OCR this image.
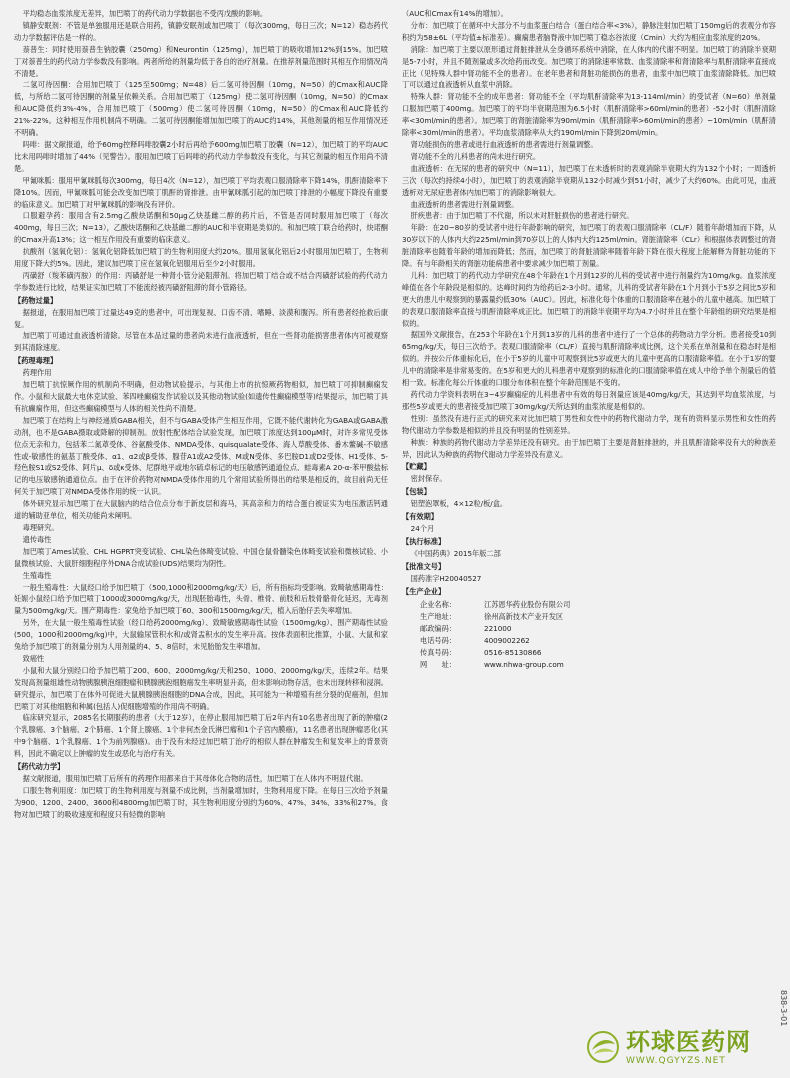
平均稳态血浆浓度无差异，加巴喷丁的药代动力学数据也不受丙戊酸的影响。

镇静安眠剂：不管是单独服用还是联合用药，镇静安眠剂或加巴喷丁（每次300mg，每日三次；N=12）稳态药代动力学数据评估是一样的。

萘普生：同时使用萘普生钠胶囊（250mg）和Neurontin（125mg），加巴喷丁的吸收增加12%到15%。加巴喷丁对萘普生的药代动力学参数没有影响。两者所给的剂量均低于各自的治疗剂量。在推荐剂量范围时其相互作用情况尚不清楚。

二氢可待因酮：合用加巴喷丁（125至500mg；N=48）后二氢可待因酮（10mg，N=50）的Cmax和AUC降低，与所给二氢可待因酮的剂量呈依赖关系。合用加巴喷丁（125mg）使二氢可待因酮（10mg，N=50）的Cmax和AUC降低约3%-4%，合用加巴喷丁（500mg）使二氢可待因酮（10mg，N=50）的Cmax和AUC降低约21%-22%。这种相互作用机制尚不明确。二氢可待因酮能增加加巴喷丁的AUC约14%，其他剂量的相互作用情况还不明确。

吗啡：据文献报道，给予60mg控释吗啡胶囊2小时后再给予600mg加巴喷丁胶囊（N=12），加巴喷丁的平均AUC比未用吗啡时增加了44%（见警告）。服用加巴喷丁后吗啡的药代动力学参数没有变化，与其它剂量的相互作用尚不清楚。

甲氰咪胍：服用甲氰咪胍每次300mg，每日4次（N=12），加巴喷丁平均表观口服清除率下降14%，肌酐清除率下降10%。因而，甲氰咪胍可能会改变加巴喷丁肌酐的肾排泄。由甲氰咪胍引起的加巴喷丁排泄的小幅度下降没有重要的临床意义。加巴喷丁对甲氰咪胍的影响没有评价。

口服避孕药：服用含有2.5mg乙酸炔诺酮和50μg乙炔基雌二醇的药片后，不管是否同时服用加巴喷丁（每次400mg，每日三次；N=13），乙酸炔诺酮和乙炔基雌二醇的AUC和半衰期是类似的。和加巴喷丁联合给药时，炔诺酮的Cmax升高13%；这一相互作用没有重要的临床意义。

抗酸剂（氢氧化铝）：氢氧化铝降低加巴喷丁的生物利用度大约20%。服用氢氧化铝后2小时服用加巴喷丁，生物利用度下降大约5%。因此，建议加巴喷丁应在氢氧化铝服用后至少2小时服用。

丙磺舒（羧苯磺丙胺）的作用：丙磺舒是一种肾小管分泌阻滞剂。将加巴喷丁结合或不结合丙磺舒试验的药代动力学参数进行比较，结果证实加巴喷丁不能流经被丙磺舒阻滞的肾小管路径。

【药物过量】

据报道，在服用加巴喷丁过量达49克的患者中，可出现复视、口齿不清、嗜睡、淡漠和腹泻。所有患者经抢救后康复。

加巴喷丁可通过血液透析清除。尽管在本品过量的患者尚未进行血液透析，但在一些肾功能损害患者体内可被观察到其清除速度。

【药理毒理】

药理作用

加巴喷丁抗惊厥作用的机制尚不明确，但动物试验提示，与其他上市的抗惊厥药物相似，加巴喷丁可抑制癫痫发作。小鼠和大鼠最大电休克试验、苯四唑癫痫发作试验以及其他动物试验(如遗传性癫痫模型等)结果提示，加巴喷丁具有抗癫痫作用，但这些癫痫模型与人体的相关性尚不清楚。

加巴喷丁在结构上与神经递质GABA相关，但不与GABA受体产生相互作用，它既不能代谢转化为GABA或GABA激动剂，也不是GABA摄取或降解的抑制剂。放射性配体结合试验发现，加巴喷丁浓度达到100μM时，对许多常见受体位点无亲和力，包括苯二氮䓬受体、谷氨酸受体、NMDA受体、quisqualate受体、海人草酸受体、番木鳖碱-不敏感性或-敏感性的氨基丁酸受体、α1、α2或β受体、腺苷A1或A2受体、M或N受体、多巴胺D1或D2受体、H1受体、5-羟色胺S1或S2受体、阿片μ、δ或κ受体、尼群地平或地尔硫卓标记的电压敏感钙通道位点、蛙毒素A 20-α-苯甲酸盐标记的电压敏感钠通道位点。由于在评价药物对NMDA受体作用的几个常用试验所得出的结果是相反的，故目前尚无任何关于加巴喷丁对NMDA受体作用的统一认识。

体外研究显示加巴喷丁在大鼠脑内的结合位点分布于新皮层和海马，其高亲和力的结合蛋白被证实为电压激活钙通道的辅助亚单位，相关功能尚未阐明。

毒理研究。

遗传毒性

加巴喷丁Ames试验、CHL HGPRT突变试验、CHL染色体畸变试验、中国仓鼠骨髓染色体畸变试验和微核试验、小鼠微核试验、大鼠肝细胞程序外DNA合成试验(UDS)结果均为阴性。

生殖毒性

一般生殖毒性：大鼠经口给予加巴喷丁（500,1000和2000mg/kg/天）后，所有指标均受影响。致畸敏感期毒性：妊娠小鼠经口给予加巴喷丁1000或3000mg/kg/天，出现胚胎毒性，头骨、椎骨、前肢和后肢骨骼骨化延迟，无毒剂量为500mg/kg/天。围产期毒性：家兔给予加巴喷丁60、300和1500mg/kg/天，植入后胎仔丢失率增加。

另外，在大鼠一般生殖毒性试验（经口给药2000mg/kg）、致畸敏感期毒性试验（1500mg/kg）、围产期毒性试验(500，1000和2000mg/kg)中，大鼠输尿管积水和/或肾盂积水的发生率升高。按体表面积比推算，小鼠、大鼠和家兔给予加巴喷丁的剂量分别为人用剂量的4、5、8倍时，未见胎胎发生率增加。

致癌性

小鼠和大鼠分别经口给予加巴喷丁200、600、2000mg/kg/天和250、1000、2000mg/kg/天，连续2年。结果发现高剂量组雄性动物胰腺胰泡细胞瘤和胰腺胰泡细胞癌发生率明显升高，但未影响动物存活，也未出现转移和浸润。研究提示，加巴喷丁在体外可促进大鼠胰腺胰泡细胞的DNA合成，因此，其可能为一种增殖有丝分裂的促癌剂，但加巴喷丁对其他细胞和种属(包括人)促细胞增殖的作用尚不明确。

临床研究显示，2085名长期服药的患者（大于12岁），在停止服用加巴喷丁后2年内有10名患者出现了新的肿瘤(2个乳腺癌、3个脑癌、2个肺癌、1个肾上腺癌、1个非何杰金氏淋巴瘤和1个子宫内膜癌)，11名患者出现肿瘤恶化(其中9个脑癌、1个乳腺癌、1个为前列腺癌)。由于没有未经过加巴喷丁治疗的相似人群在肿瘤发生和复发率上的背景资料，因此不确定以上肿瘤的发生或恶化与治疗有关。

【药代动力学】

据文献报道，服用加巴喷丁后所有的药理作用都来自于其母体化合物的活性，加巴喷丁在人体内不明显代谢。

口服生物利用度：加巴喷丁的生物利用度与剂量不成比例，当剂量增加时，生物利用度下降。在每日三次给予剂量为900、1200、2400、3600和4800mg加巴喷丁时，其生物利用度分别约为60%、47%、34%、33%和27%。食物对加巴喷丁的吸收速度和程度只有轻微的影响

（AUC和Cmax有14%的增加）。

分布：加巴喷丁在循环中大部分不与血浆蛋白结合（蛋白结合率<3%），静脉注射加巴喷丁150mg后的表观分布容积约为58±6L（平均值±标准差）。癫痫患者脑脊液中加巴喷丁稳态谷浓度（Cmin）大约为相应血浆浓度的20%。

消除：加巴喷丁主要以原形通过肾脏排泄从全身循环系统中消除，在人体内的代谢不明显。加巴喷丁的消除半衰期是5-7小时，并且不随剂量或多次给药而改变。加巴喷丁的消除速率常数、血浆清除率和肾清除率与肌酐清除率直接成正比（见特殊人群中肾功能不全的患者）。在老年患者和肾脏功能损伤的患者，血浆中加巴喷丁血浆清除降低。加巴喷丁可以通过血液透析从血浆中消除。

特殊人群：肾功能不全的成年患者：肾功能不全（平均肌酐清除率为13-114ml/min）的受试者（N=60）单剂量口服加巴喷丁400mg。加巴喷丁的平均半衰期范围为6.5小时（肌酐清除率>60ml/min的患者）-52小时（肌酐清除率<30ml/min的患者）。加巴喷丁的肾脏清除率为90ml/min（肌酐清除率>60ml/min的患者）~10ml/min（肌酐清除率<30ml/min的患者）。平均血浆清除率从大约190ml/min下降到20ml/min。

肾功能损伤的患者或进行血液透析的患者需进行剂量调整。

肾功能不全的儿科患者的尚未进行研究。

血液透析：在无尿的患者的研究中（N=11），加巴喷丁在未透析时的表观消除半衰期大约为132个小时；一周透析三次（每次约持续4小时），加巴喷丁的表观消除半衰期从132小时减少到51小时，减少了大约60%。由此可见，血液透析对无尿症患者体内加巴喷丁的消除影响很大。

血液透析的患者需进行剂量调整。

肝疾患者：由于加巴喷丁不代谢，所以未对肝脏损伤的患者进行研究。

年龄：在20~80岁的受试者中进行年龄影响的研究，加巴喷丁的表观口服清除率（CL/F）随着年龄增加而下降，从30岁以下的人体内大约225ml/min到70岁以上的人体内大约125ml/min。肾脏清除率（CLr）和根据体表调整过的肾脏清除率也随着年龄的增加而降低；然而，加巴喷丁的肾脏清除率随着年龄下降在很大程度上能解释为肾脏功能的下降。有与年龄相关的肾脏功能病患者中要求减少加巴喷丁剂量。

儿科：加巴喷丁的药代动力学研究在48个年龄在1个月到12岁的儿科的受试者中进行剂量约为10mg/kg。血浆浓度峰值在各个年龄段是相似的。达峰时间约为给药后2-3小时。通常，儿科的受试者年龄在1个月到小于5岁之间比5岁和更大的患儿中观察到的暴露量约低30%（AUC）。因此，标准化每个体重的口服清除率在越小的儿童中越高。加巴喷丁的表观口服清除率直接与肌酐清除率成正比。加巴喷丁的消除半衰期平均为4.7小时并且在整个年龄组的研究结果是相似的。

据国外文献报告，在253个年龄在1个月到13岁的儿科的患者中进行了一个总体的药物动力学分析。患者接受10到65mg/kg/天，每日三次给予。表观口服清除率（CL/F）直接与肌酐清除率成比例，这个关系在单剂量和在稳态时是相似的。并按公斤体重标化后，在小于5岁的儿童中可观察到比5岁或更大的儿童中更高的口服清除率值。在小于1岁的婴儿中的清除率是非常易变的。在5岁和更大的儿科患者中观察到的标准化的口服清除率值在成人中给予单个剂量后的值相一致。标准化每公斤体重的口服分布体积在整个年龄范围是不变的。

药代动力学资料表明在3~4岁癫痫症的儿科患者中有效的每日剂量应该是40mg/kg/天，其达到平均血浆浓度，与那些5岁或更大的患者接受加巴喷丁30mg/kg/天所达到的血浆浓度是相似的。

性别：虽然没有进行正式的研究来对比加巴喷丁男性和女性中的药物代谢动力学，现有的资料显示男性和女性的药物代谢动力学参数是相似的并且没有明显的性别差异。

种族：种族的药物代谢动力学差异还没有研究。由于加巴喷丁主要是肾脏排泄的，并且肌酐清除率没有大的种族差异，因此认为种族的药物代谢动力学差异没有意义。

【贮藏】

密封保存。

【包装】

铝塑泡罩板，4×12粒/板/盒。

【有效期】

24个月

【执行标准】

《中国药典》2015年版二部

【批准文号】

国药准字H20040527

【生产企业】
企业名称：	江苏恩华药业股份有限公司
生产地址：	徐州高新技术产业开发区
邮政编码：	221000
电话号码：	4009002262
传真号码：	0516-85130866
网　　址：	www.nhwa-group.com
838-3-01
环球医药网
WWW.QGYYZS.NET
